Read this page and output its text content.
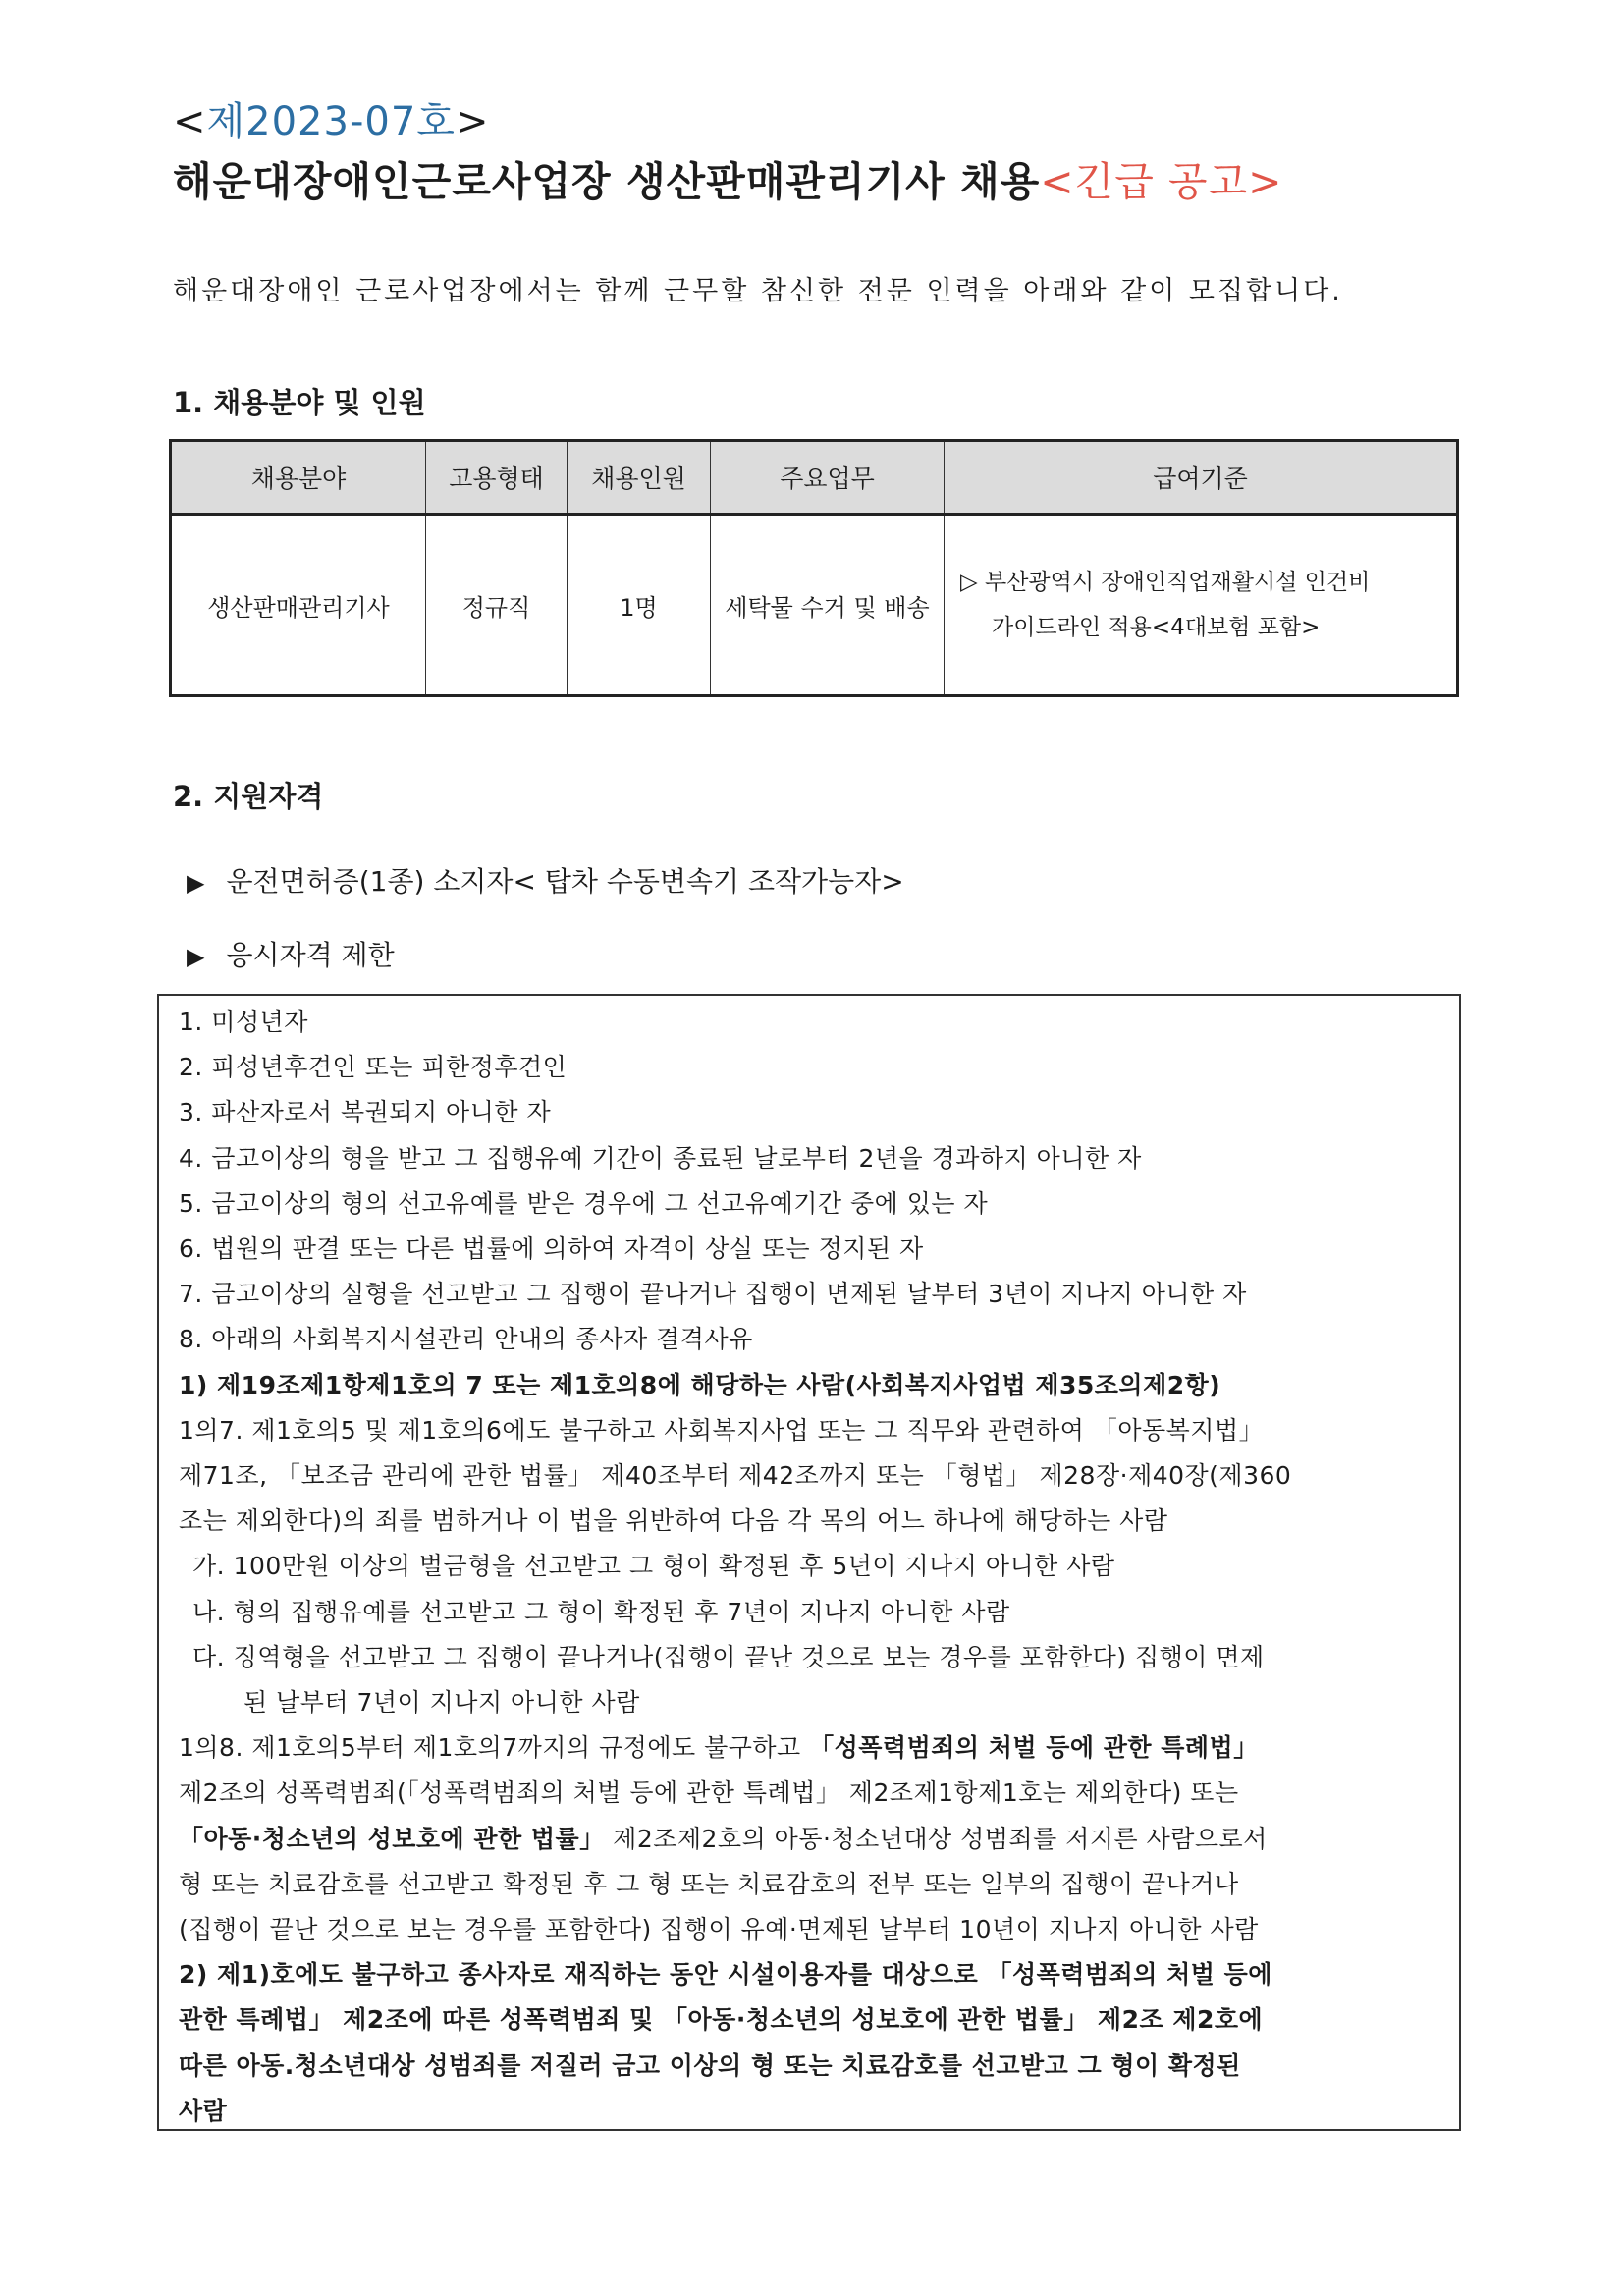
<제2023-07호>
해운대장애인근로사업장 생산판매관리기사 채용<긴급 공고>
해운대장애인 근로사업장에서는 함께 근무할 참신한 전문 인력을 아래와 같이 모집합니다.
1. 채용분야 및 인원
채용분야	고용형태	채용인원	주요업무	급여기준
생산판매관리기사	정규직	1명	세탁물 수거 및 배송	▷ 부산광역시 장애인직업재활시설 인건비
가이드라인 적용<4대보험 포함>
2. 지원자격
▶ 운전면허증(1종) 소지자< 탑차 수동변속기 조작가능자>
▶ 응시자격 제한

1. 미성년자

2. 피성년후견인 또는 피한정후견인

3. 파산자로서 복권되지 아니한 자

4. 금고이상의 형을 받고 그 집행유예 기간이 종료된 날로부터 2년을 경과하지 아니한 자

5. 금고이상의 형의 선고유예를 받은 경우에 그 선고유예기간 중에 있는 자

6. 법원의 판결 또는 다른 법률에 의하여 자격이 상실 또는 정지된 자

7. 금고이상의 실형을 선고받고 그 집행이 끝나거나 집행이 면제된 날부터 3년이 지나지 아니한 자

8. 아래의 사회복지시설관리 안내의 종사자 결격사유

1) 제19조제1항제1호의 7 또는 제1호의8에 해당하는 사람(사회복지사업법 제35조의제2항)

1의7. 제1호의5 및 제1호의6에도 불구하고 사회복지사업 또는 그 직무와 관련하여 「아동복지법」

제71조, 「보조금 관리에 관한 법률」 제40조부터 제42조까지 또는 「형법」 제28장·제40장(제360

조는 제외한다)의 죄를 범하거나 이 법을 위반하여 다음 각 목의 어느 하나에 해당하는 사람

가. 100만원 이상의 벌금형을 선고받고 그 형이 확정된 후 5년이 지나지 아니한 사람

나. 형의 집행유예를 선고받고 그 형이 확정된 후 7년이 지나지 아니한 사람

다. 징역형을 선고받고 그 집행이 끝나거나(집행이 끝난 것으로 보는 경우를 포함한다) 집행이 면제

된 날부터 7년이 지나지 아니한 사람

1의8. 제1호의5부터 제1호의7까지의 규정에도 불구하고 「성폭력범죄의 처벌 등에 관한 특례법」

제2조의 성폭력범죄(「성폭력범죄의 처벌 등에 관한 특례법」 제2조제1항제1호는 제외한다) 또는

「아동·청소년의 성보호에 관한 법률」 제2조제2호의 아동·청소년대상 성범죄를 저지른 사람으로서

형 또는 치료감호를 선고받고 확정된 후 그 형 또는 치료감호의 전부 또는 일부의 집행이 끝나거나

(집행이 끝난 것으로 보는 경우를 포함한다) 집행이 유예·면제된 날부터 10년이 지나지 아니한 사람

2) 제1)호에도 불구하고 종사자로 재직하는 동안 시설이용자를 대상으로 「성폭력범죄의 처벌 등에

관한 특례법」 제2조에 따른 성폭력범죄 및 「아동·청소년의 성보호에 관한 법률」 제2조 제2호에

따른 아동.청소년대상 성범죄를 저질러 금고 이상의 형 또는 치료감호를 선고받고 그 형이 확정된

사람
